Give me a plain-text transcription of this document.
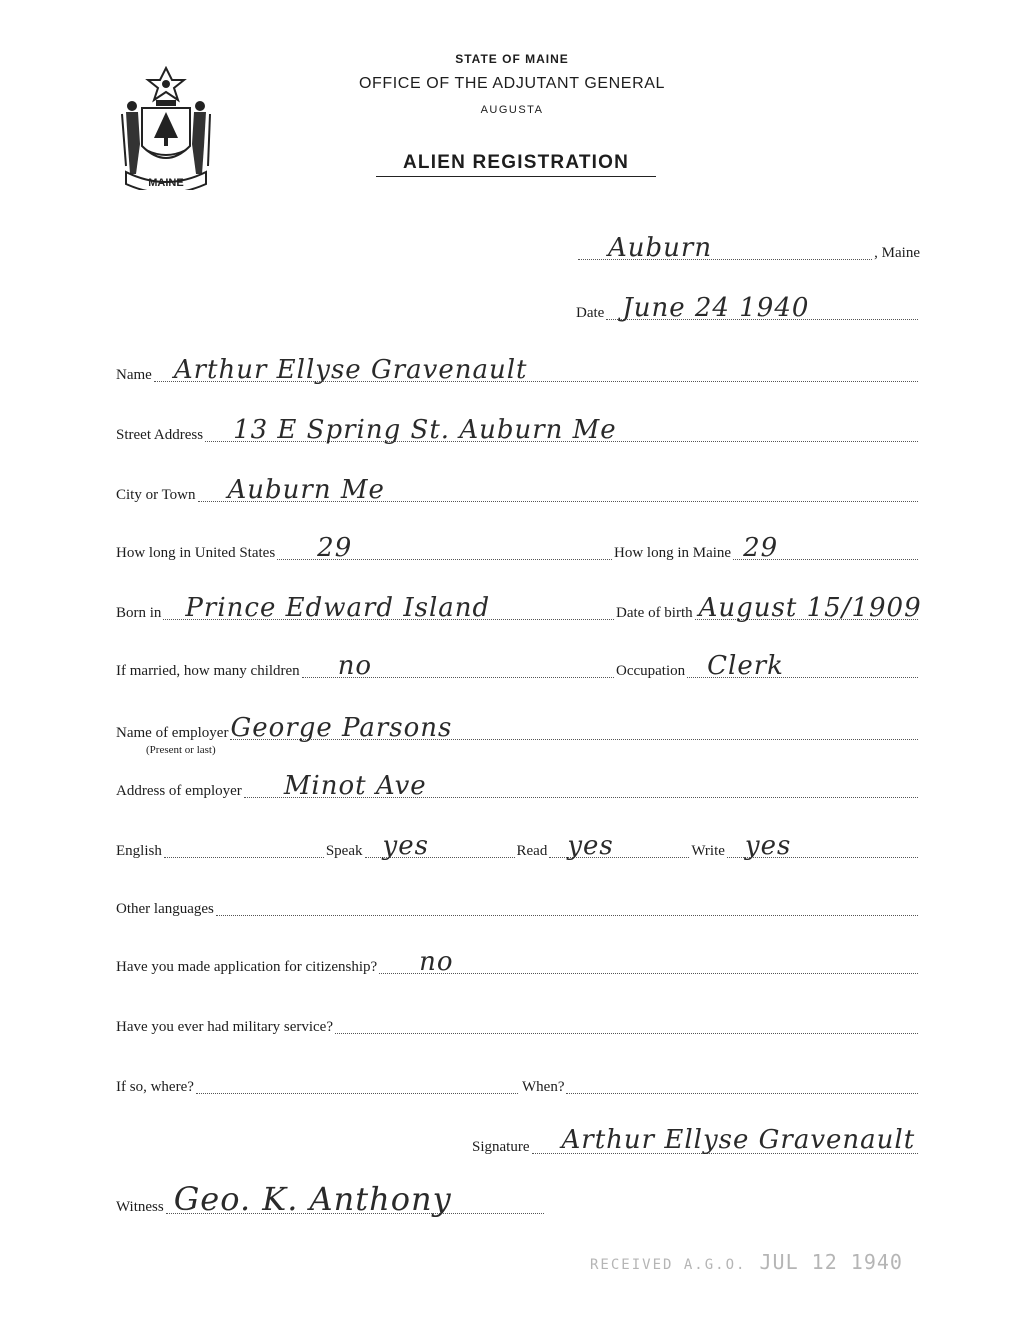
MAINE
STATE OF MAINE
OFFICE OF THE ADJUTANT GENERAL
AUGUSTA
ALIEN REGISTRATION
Auburn	, Maine
Date June 24 1940
Name Arthur Ellyse Gravenault
Street Address 13 E Spring St. Auburn Me
City or Town Auburn Me
How long in United States 29	How long in Maine 29
Born in Prince Edward Island	Date of birth August 15/1909
If married, how many children no	Occupation Clerk
Name of employer George Parsons
(Present or last)
Address of employer Minot Ave
English	Speak yes	Read yes	Write yes
Other languages
Have you made application for citizenship? no
Have you ever had military service?
If so, where?	When?
Signature Arthur Ellyse Gravenault
Witness Geo. K. Anthony
RECEIVED A.G.O. JUL 12 1940
